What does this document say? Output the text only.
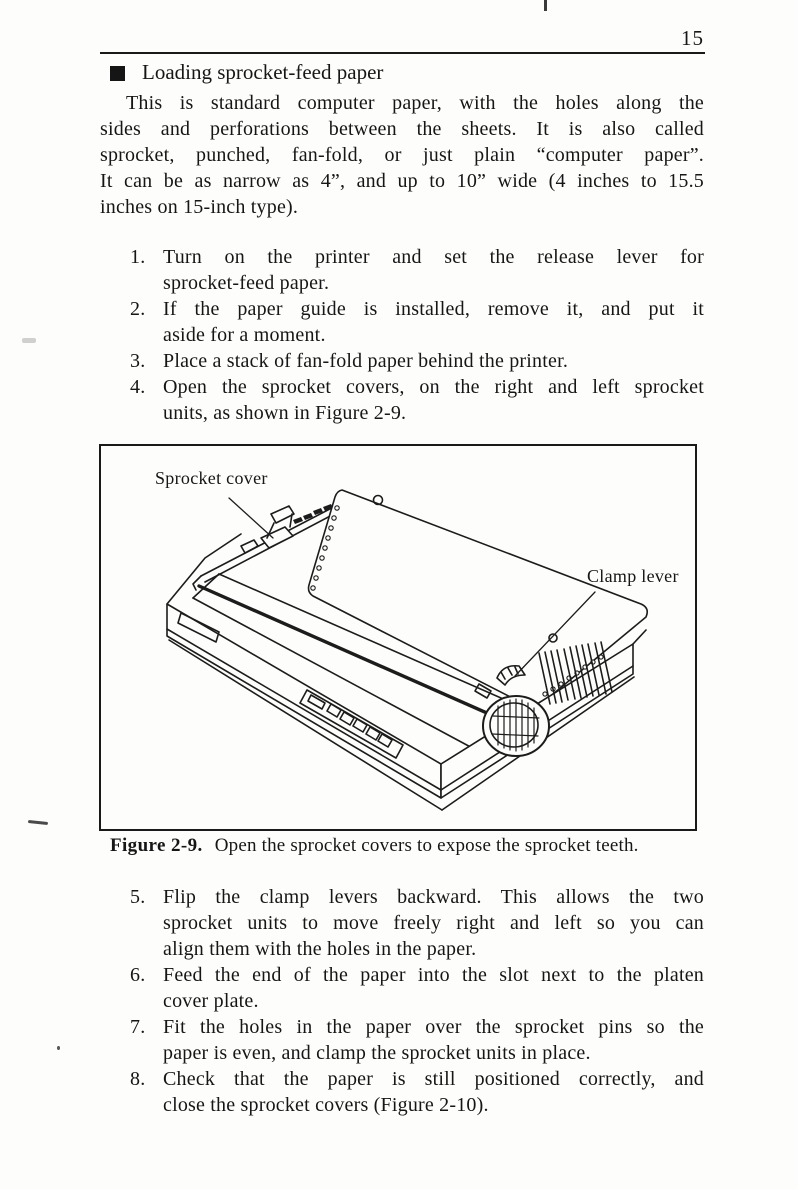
15
Loading sprocket-feed paper
This is standard computer paper, with the holes along the
sides and perforations between the sheets. It is also called
sprocket, punched, fan-fold, or just plain “computer paper”.
It can be as narrow as 4”, and up to 10” wide (4 inches to 15.5
inches on 15-inch type).
1. Turn on the printer and set the release lever for
sprocket-feed paper.
2. If the paper guide is installed, remove it, and put it
aside for a moment.
3. Place a stack of fan-fold paper behind the printer.
4. Open the sprocket covers, on the right and left sprocket
units, as shown in Figure 2-9.
Sprocket cover
Clamp lever
Figure 2-9. Open the sprocket covers to expose the sprocket teeth.
5. Flip the clamp levers backward. This allows the two
sprocket units to move freely right and left so you can
align them with the holes in the paper.
6. Feed the end of the paper into the slot next to the platen
cover plate.
7. Fit the holes in the paper over the sprocket pins so the
paper is even, and clamp the sprocket units in place.
8. Check that the paper is still positioned correctly, and
close the sprocket covers (Figure 2-10).
